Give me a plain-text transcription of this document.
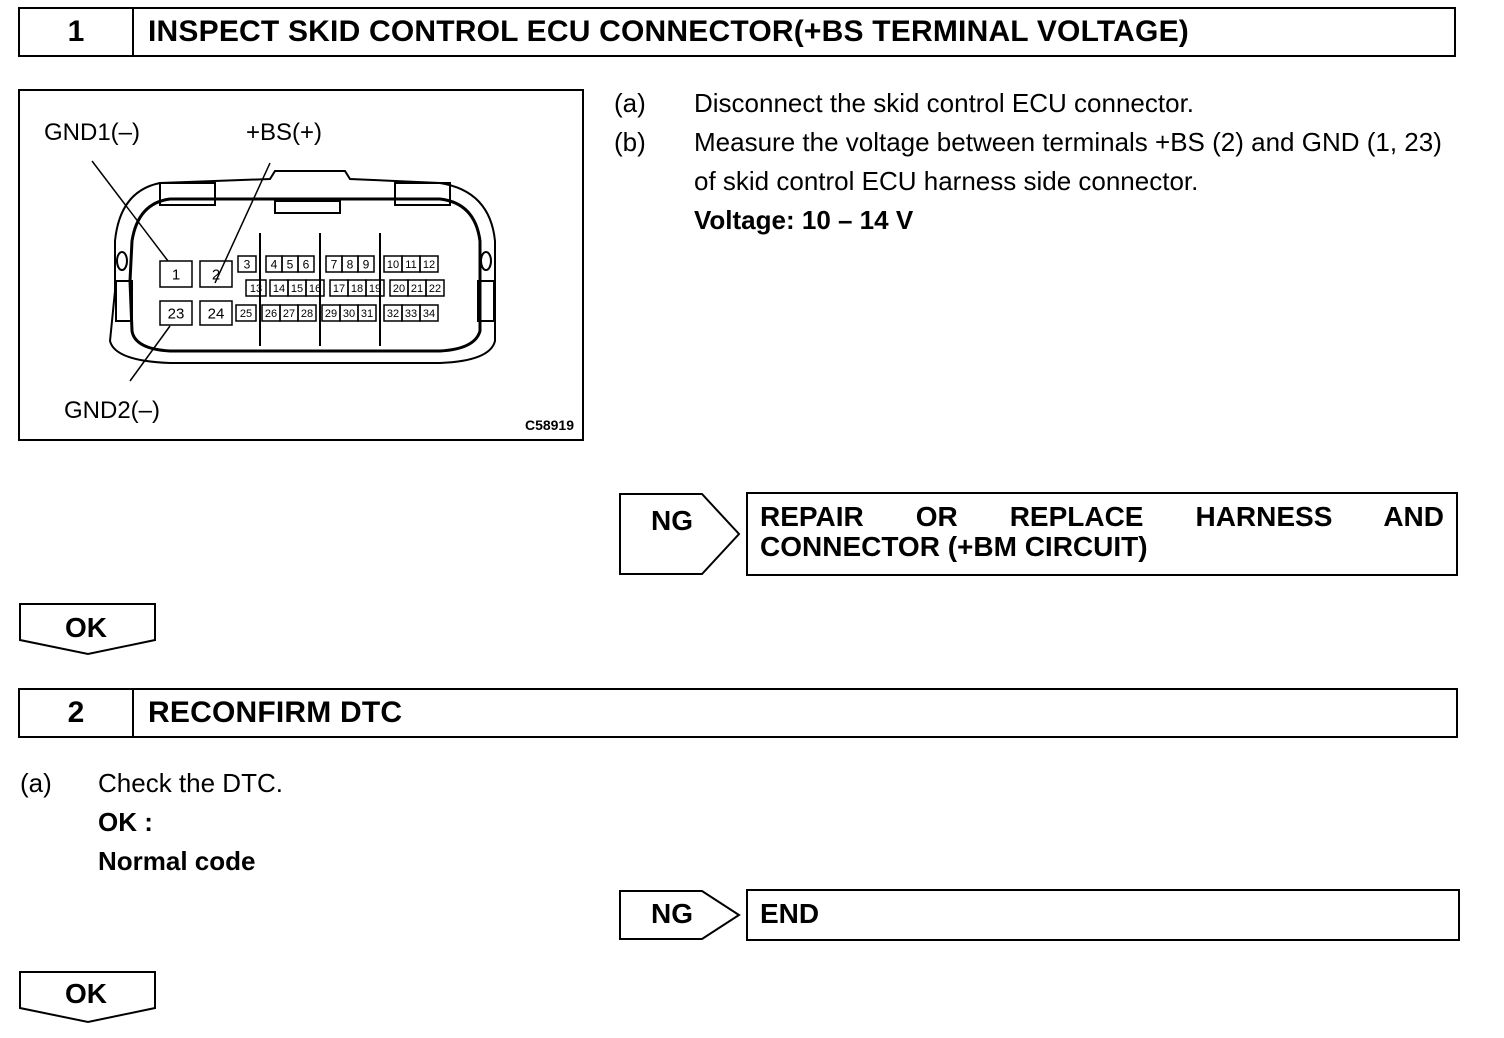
1	INSPECT SKID CONTROL ECU CONNECTOR(+BS TERMINAL VOLTAGE)
1 2
3 4 5 6 7 8 9 10 11 12
13 14 15 16 17 18 19 20 21 22
23 24 25 26 27 28 29 30 31 32 33 34
GND1(–)	+BS(+)
GND2(–)
C58919
(a)	Disconnect the skid control ECU connector.
(b)	Measure the voltage between terminals +BS (2) and GND (1, 23) of skid control ECU harness side connector.
Voltage: 10 – 14 V
NG	REPAIR OR REPLACE HARNESS AND
CONNECTOR (+BM CIRCUIT)
OK
2	RECONFIRM DTC
(a)	Check the DTC.
OK :
Normal code
NG	END
OK
